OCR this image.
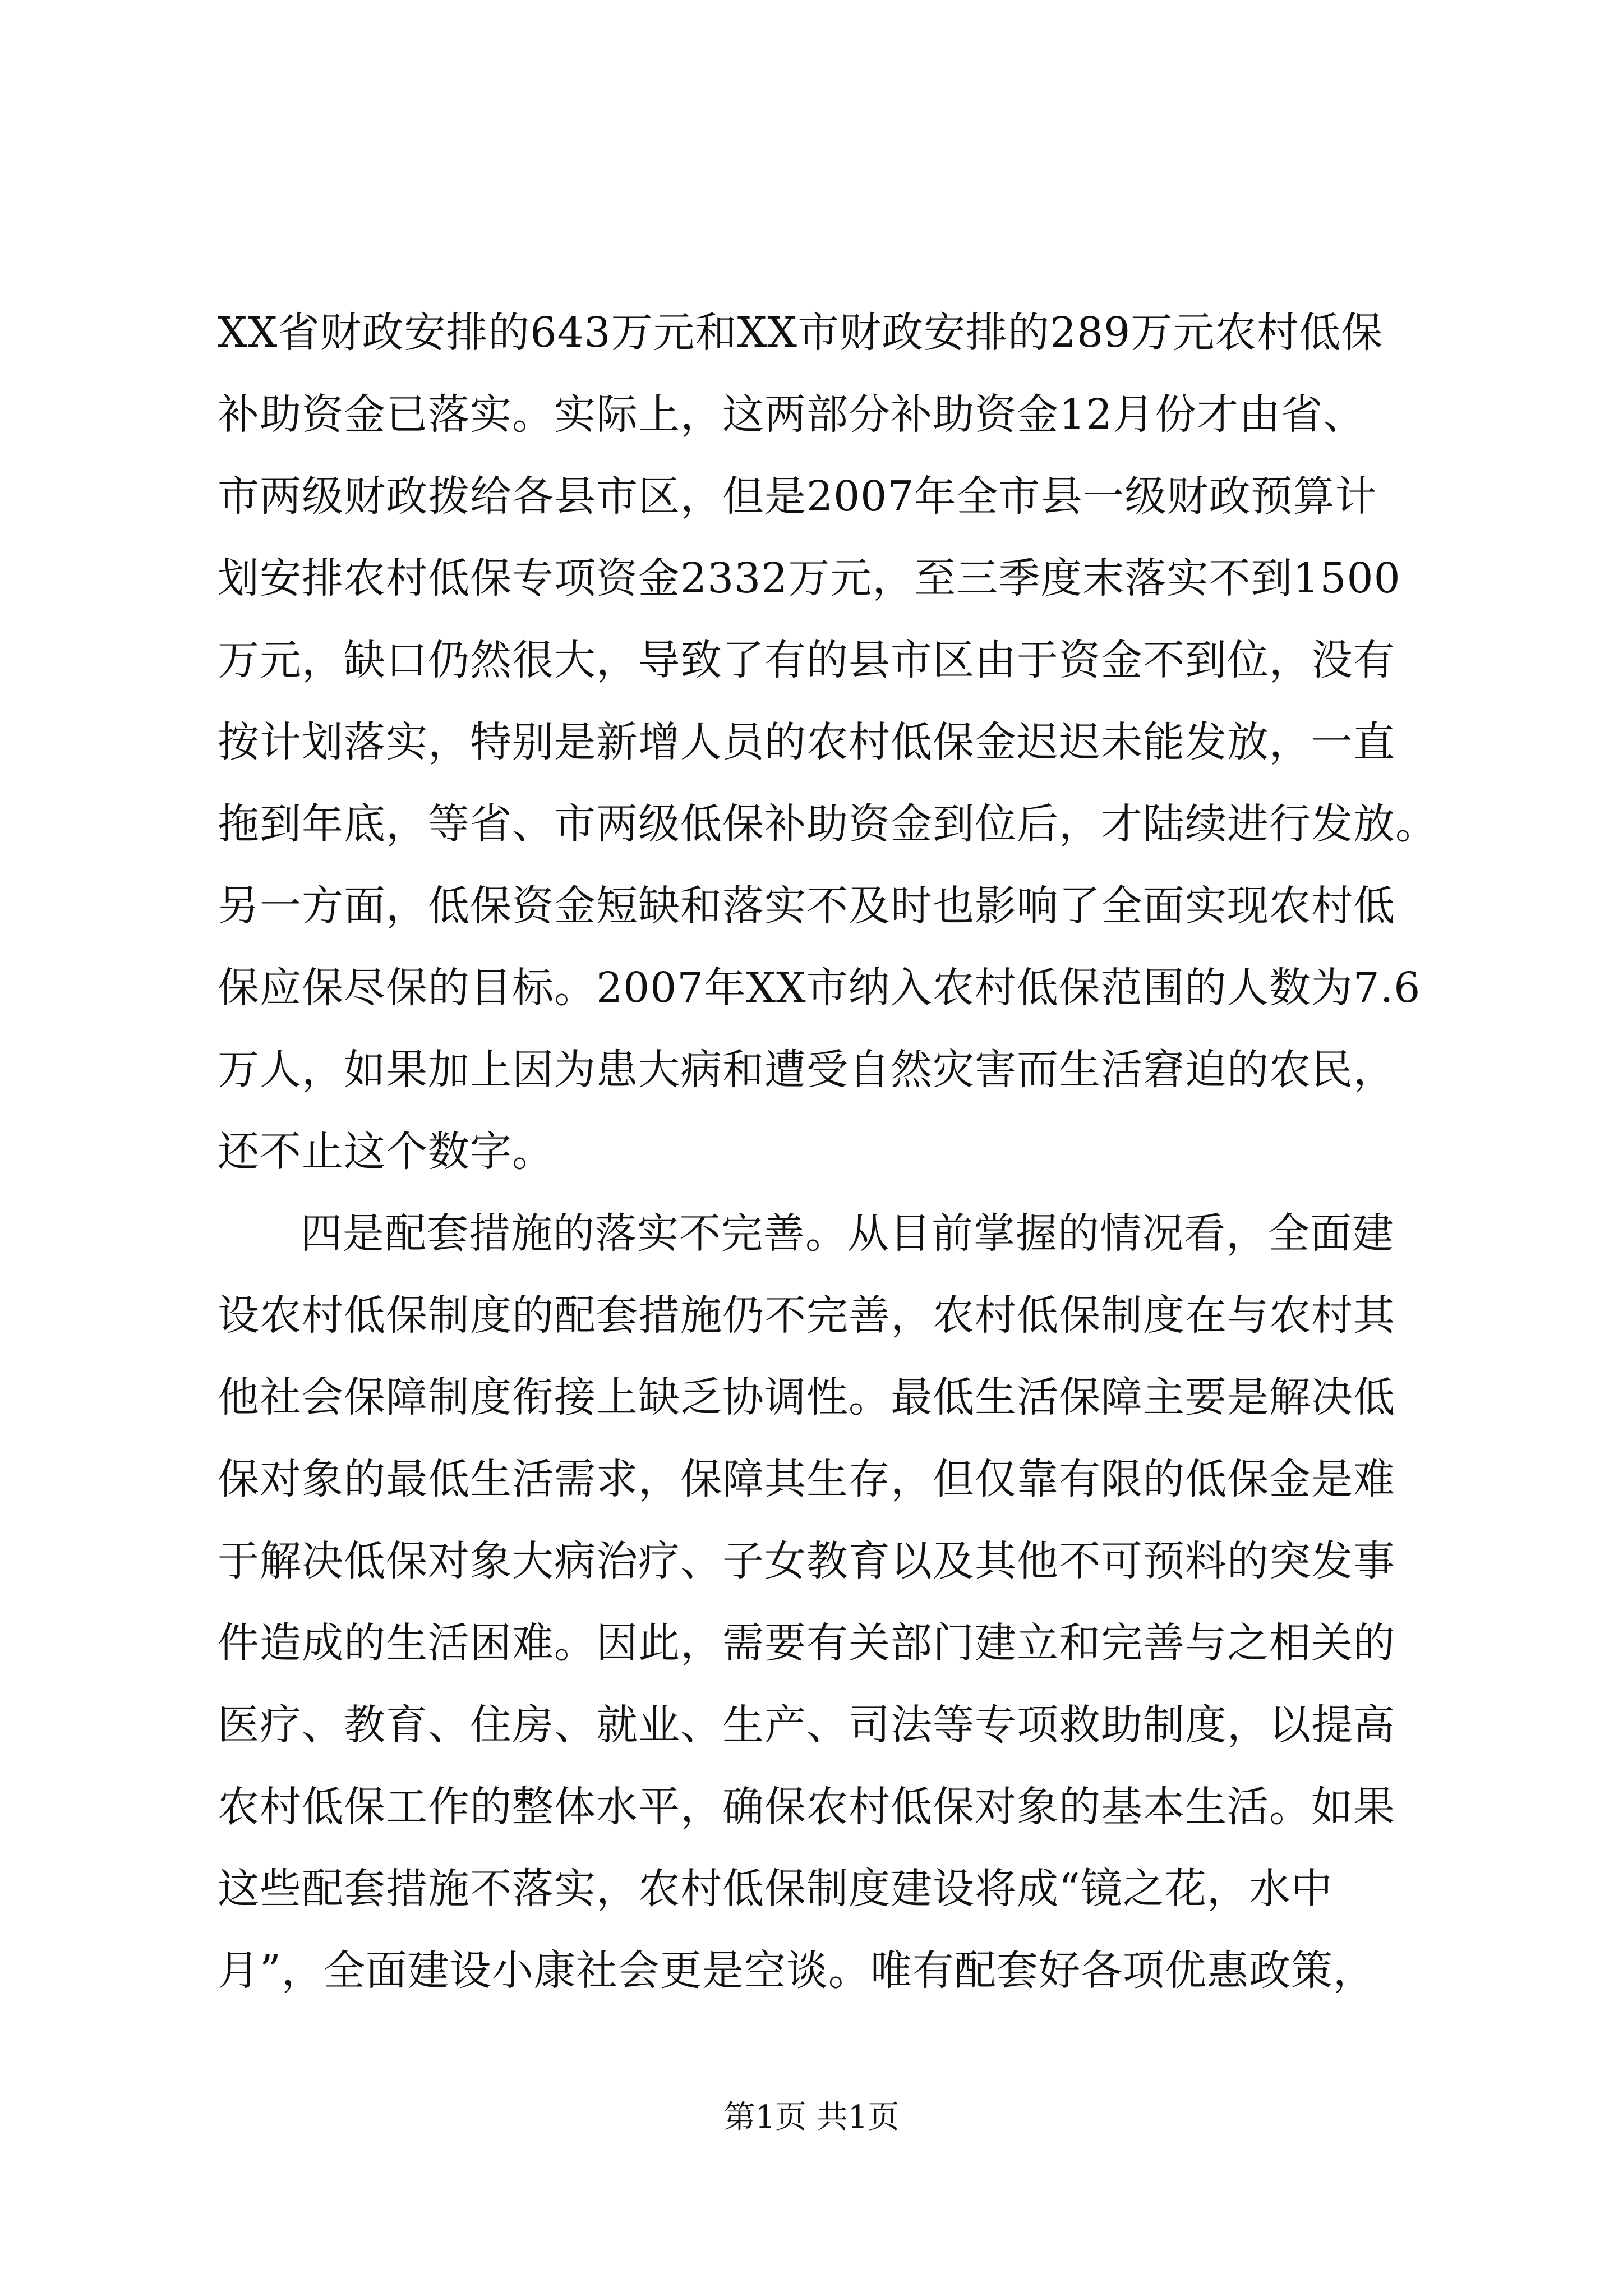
XX省财政安排的643万元和XX市财政安排的289万元农村低保
补助资金已落实。实际上，这两部分补助资金12月份才由省、
市两级财政拨给各县市区，但是2007年全市县一级财政预算计
划安排农村低保专项资金2332万元，至三季度末落实不到1500
万元，缺口仍然很大，导致了有的县市区由于资金不到位，没有
按计划落实，特别是新增人员的农村低保金迟迟未能发放，一直
拖到年底，等省、市两级低保补助资金到位后，才陆续进行发放。
另一方面，低保资金短缺和落实不及时也影响了全面实现农村低
保应保尽保的目标。2007年XX市纳入农村低保范围的人数为7.6
万人，如果加上因为患大病和遭受自然灾害而生活窘迫的农民，
还不止这个数字。
四是配套措施的落实不完善。从目前掌握的情况看，全面建
设农村低保制度的配套措施仍不完善，农村低保制度在与农村其
他社会保障制度衔接上缺乏协调性。最低生活保障主要是解决低
保对象的最低生活需求，保障其生存，但仅靠有限的低保金是难
于解决低保对象大病治疗、子女教育以及其他不可预料的突发事
件造成的生活困难。因此，需要有关部门建立和完善与之相关的
医疗、教育、住房、就业、生产、司法等专项救助制度，以提高
农村低保工作的整体水平，确保农村低保对象的基本生活。如果
这些配套措施不落实，农村低保制度建设将成“镜之花，水中
月”，全面建设小康社会更是空谈。唯有配套好各项优惠政策，
第1页 共1页
